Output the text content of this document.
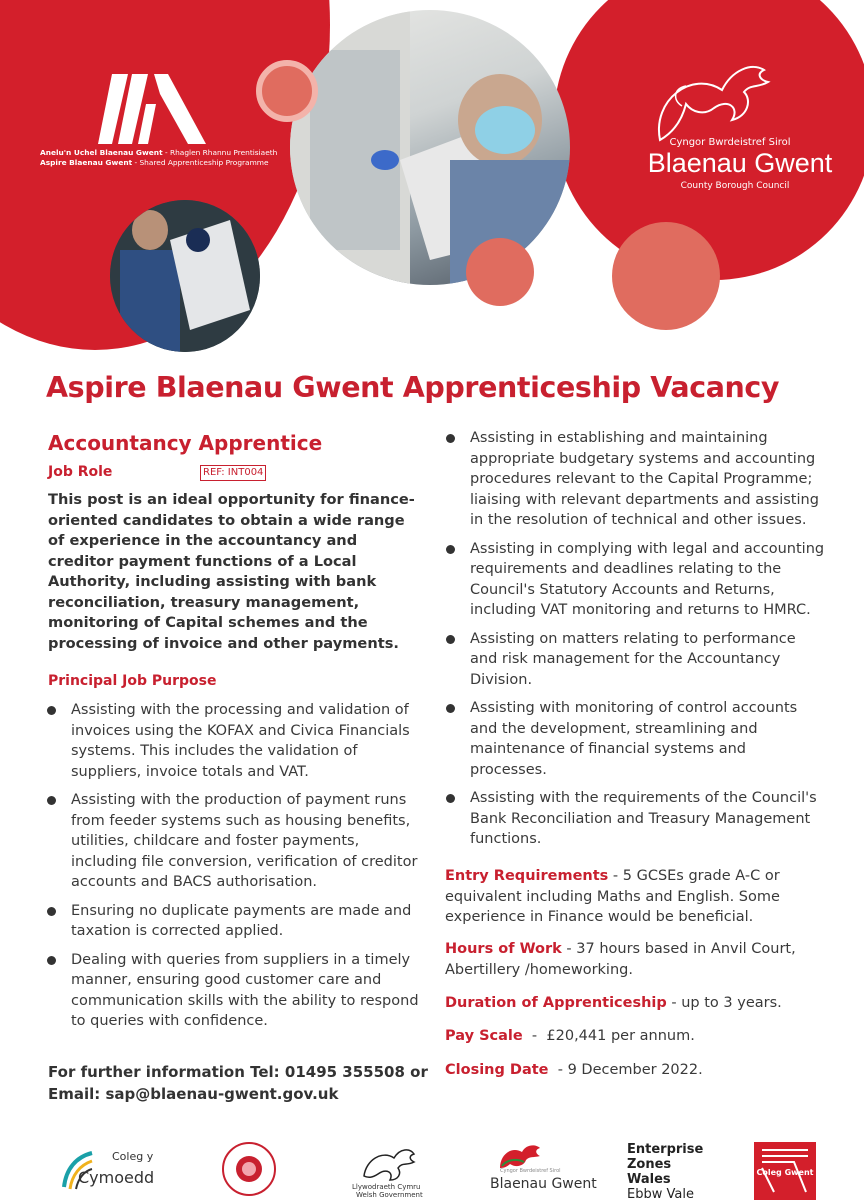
Anelu'n Uchel Blaenau Gwent - Rhaglen Rhannu Prentisiaeth
Aspire Blaenau Gwent - Shared Apprenticeship Programme
Cyngor Bwrdeistref Sirol
Blaenau Gwent
County Borough Council
Aspire Blaenau Gwent Apprenticeship Vacancy
Accountancy Apprentice
Job Role	REF: INT004
This post is an ideal opportunity for finance-oriented candidates to obtain a wide range of experience in the accountancy and creditor payment functions of a Local Authority, including assisting with bank reconciliation, treasury management, monitoring of Capital schemes and the processing of invoice and other payments.
Principal Job Purpose
Assisting with the processing and validation of invoices using the KOFAX and Civica Financials systems. This includes the validation of suppliers, invoice totals and VAT.
Assisting with the production of payment runs from feeder systems such as housing benefits, utilities, childcare and foster payments, including file conversion, verification of creditor accounts and BACS authorisation.
Ensuring no duplicate payments are made and taxation is corrected applied.
Dealing with queries from suppliers in a timely manner, ensuring good customer care and communication skills with the ability to respond to queries with confidence.
Assisting in establishing and maintaining appropriate budgetary systems and accounting procedures relevant to the Capital Programme; liaising with relevant departments and assisting in the resolution of technical and other issues.
Assisting in complying with legal and accounting requirements and deadlines relating to the Council's Statutory Accounts and Returns, including VAT monitoring and returns to HMRC.
Assisting on matters relating to performance and risk management for the Accountancy Division.
Assisting with monitoring of control accounts and the development, streamlining and maintenance of financial systems and processes.
Assisting with the requirements of the Council's Bank Reconciliation and Treasury Management functions.
Entry Requirements - 5 GCSEs grade A-C or equivalent including Maths and English. Some experience in Finance would be beneficial.
Hours of Work - 37 hours based in Anvil Court, Abertillery /homeworking.
Duration of Apprenticeship - up to 3 years.
Pay Scale  -  £20,441 per annum.
Closing Date  - 9 December 2022.
For further information Tel: 01495 355508 or
Email: sap@blaenau-gwent.gov.uk
Coleg y
Cymoedd	Llywodraeth Cymru
Welsh Government
Cyngor Bwrdeistref Sirol
Blaenau Gwent
Enterprise
Zones
Wales
Ebbw Vale
Coleg Gwent
